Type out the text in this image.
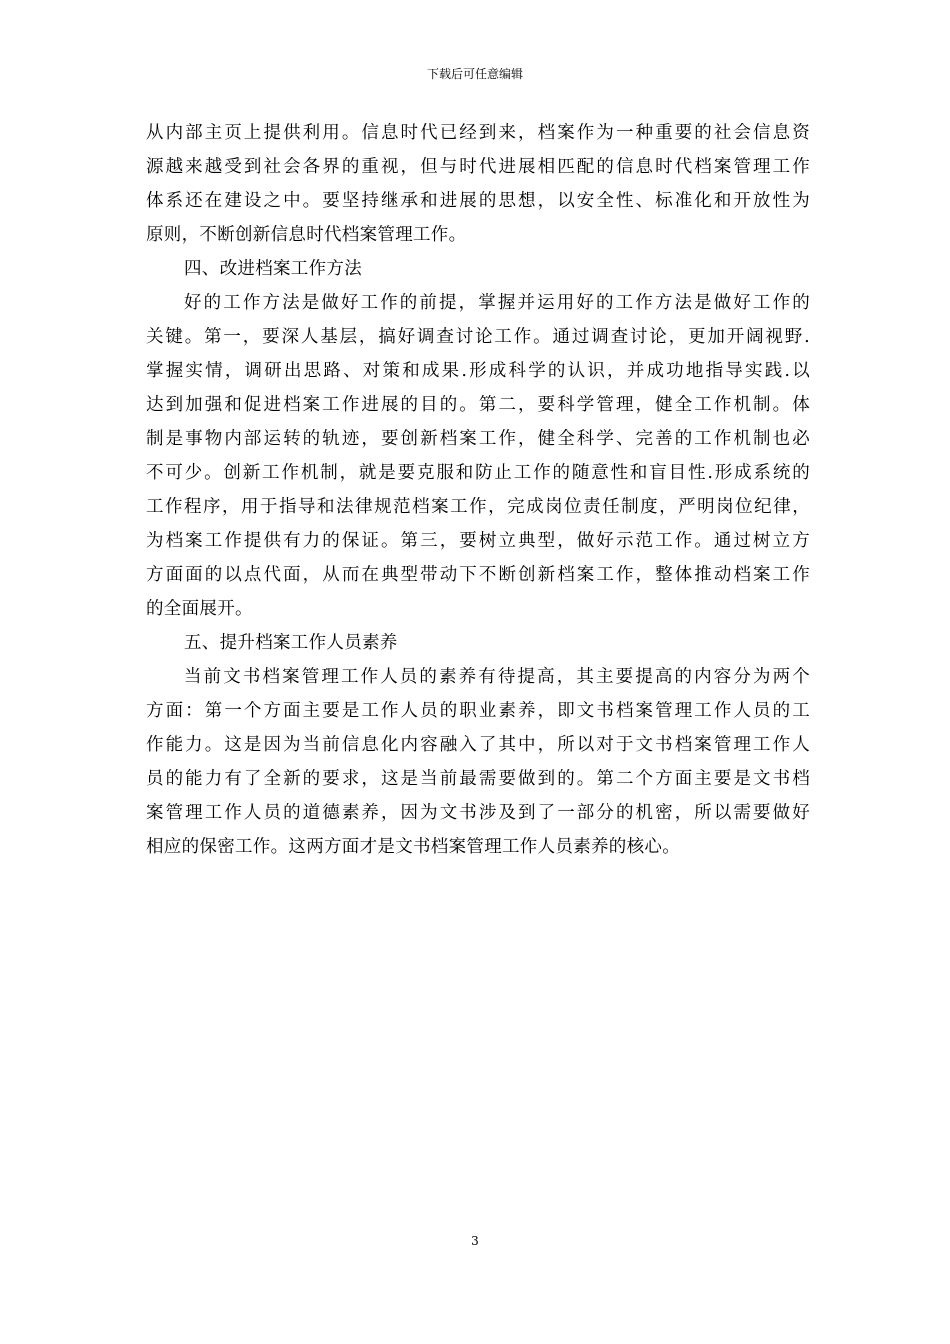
下载后可任意编辑
从内部主页上提供利用。信息时代已经到来，档案作为一种重要的社会信息资
源越来越受到社会各界的重视，但与时代进展相匹配的信息时代档案管理工作
体系还在建设之中。要坚持继承和进展的思想，以安全性、标准化和开放性为
原则，不断创新信息时代档案管理工作。
四、改进档案工作方法
好的工作方法是做好工作的前提，掌握并运用好的工作方法是做好工作的
关键。第一，要深人基层，搞好调查讨论工作。通过调查讨论，更加开阔视野.
掌握实情，调研出思路、对策和成果.形成科学的认识，并成功地指导实践.以
达到加强和促进档案工作进展的目的。第二，要科学管理，健全工作机制。体
制是事物内部运转的轨迹，要创新档案工作，健全科学、完善的工作机制也必
不可少。创新工作机制，就是要克服和防止工作的随意性和盲目性.形成系统的
工作程序，用于指导和法律规范档案工作，完成岗位责任制度，严明岗位纪律，
为档案工作提供有力的保证。第三，要树立典型，做好示范工作。通过树立方
方面面的以点代面，从而在典型带动下不断创新档案工作，整体推动档案工作
的全面展开。
五、提升档案工作人员素养
当前文书档案管理工作人员的素养有待提高，其主要提高的内容分为两个
方面：第一个方面主要是工作人员的职业素养，即文书档案管理工作人员的工
作能力。这是因为当前信息化内容融入了其中，所以对于文书档案管理工作人
员的能力有了全新的要求，这是当前最需要做到的。第二个方面主要是文书档
案管理工作人员的道德素养，因为文书涉及到了一部分的机密，所以需要做好
相应的保密工作。这两方面才是文书档案管理工作人员素养的核心。
3
